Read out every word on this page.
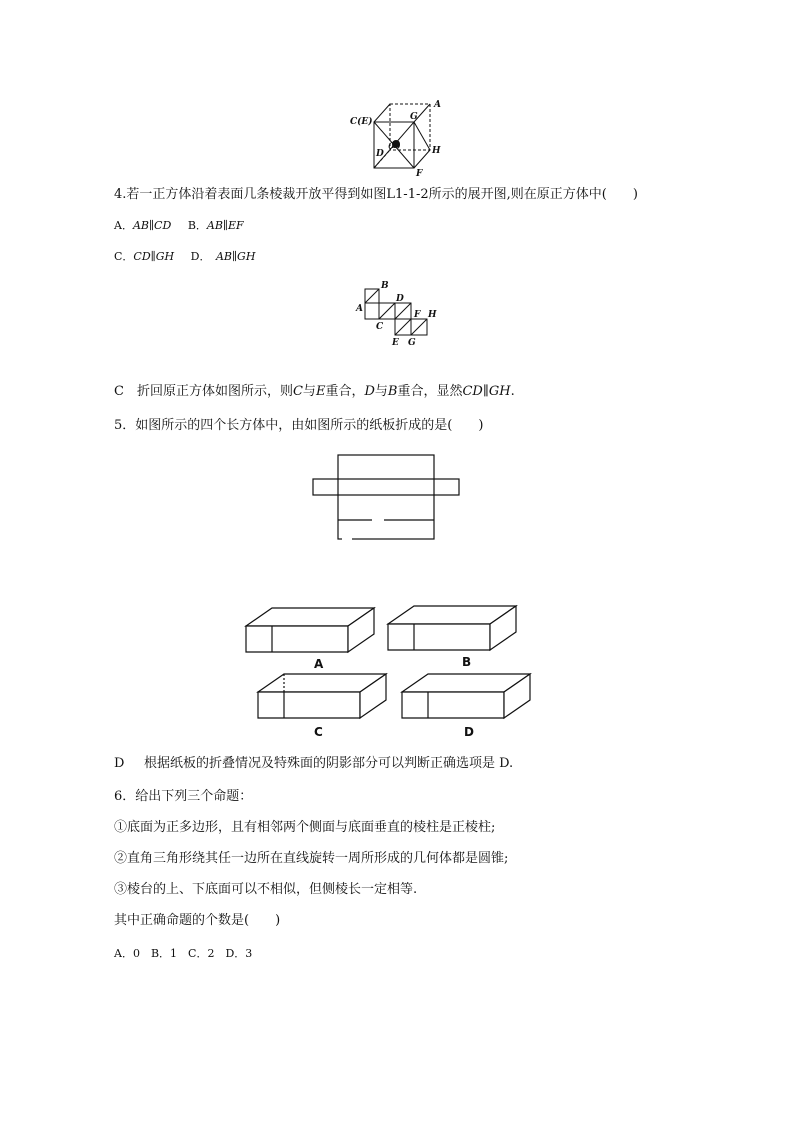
A
G
C(E)
D
(B)
H
F
4.若一正方体沿着表面几条棱裁开放平得到如图L1-1-2所示的展开图,则在原正方体中(　　)
A．AB∥CD   B．AB∥EF
C．CD∥GH   D．  AB∥GH
A
B
C
D
E
F
G
H
C  折回原正方体如图所示，则C与E重合，D与B重合，显然CD∥GH.
5．如图所示的四个长方体中，由如图所示的纸板折成的是(　　)
A	B
C	D
D   根据纸板的折叠情况及特殊面的阴影部分可以判断正确选项是 D.
6．给出下列三个命题：
①底面为正多边形，且有相邻两个侧面与底面垂直的棱柱是正棱柱;
②直角三角形绕其任一边所在直线旋转一周所形成的几何体都是圆锥;
③棱台的上、下底面可以不相似，但侧棱长一定相等.
其中正确命题的个数是(　　)
A．0　B．1　C．2　D．3
